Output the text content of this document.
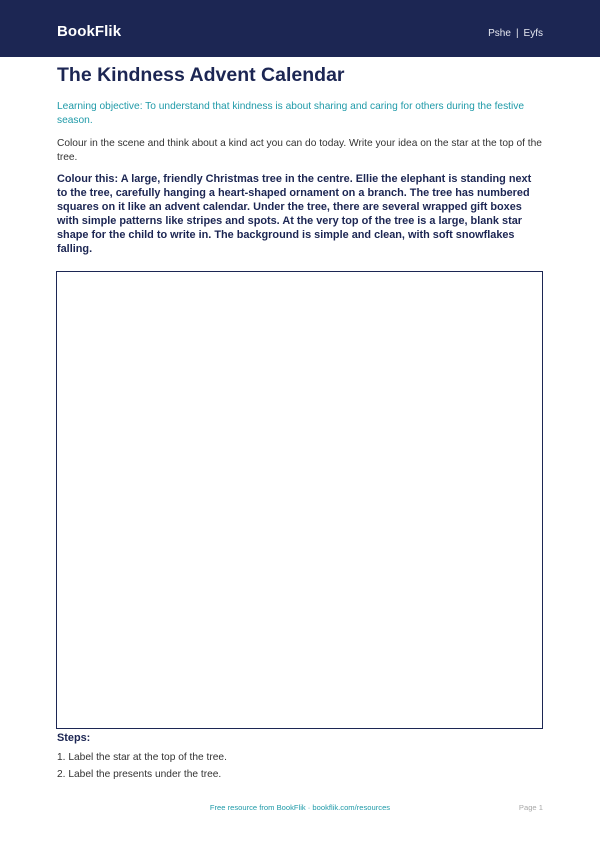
BookFlik	Pshe | Eyfs
The Kindness Advent Calendar

Learning objective: To understand that kindness is about sharing and caring for others during the festive season.

Colour in the scene and think about a kind act you can do today. Write your idea on the star at the top of the tree.

Colour this: A large, friendly Christmas tree in the centre. Ellie the elephant is standing next to the tree, carefully hanging a heart-shaped ornament on a branch. The tree has numbered squares on it like an advent calendar. Under the tree, there are several wrapped gift boxes with simple patterns like stripes and spots. At the very top of the tree is a large, blank star shape for the child to write in. The background is simple and clean, with soft snowflakes falling.

Steps:
1. Label the star at the top of the tree.
2. Label the presents under the tree.
Free resource from BookFlik · bookflik.com/resources	Page 1
